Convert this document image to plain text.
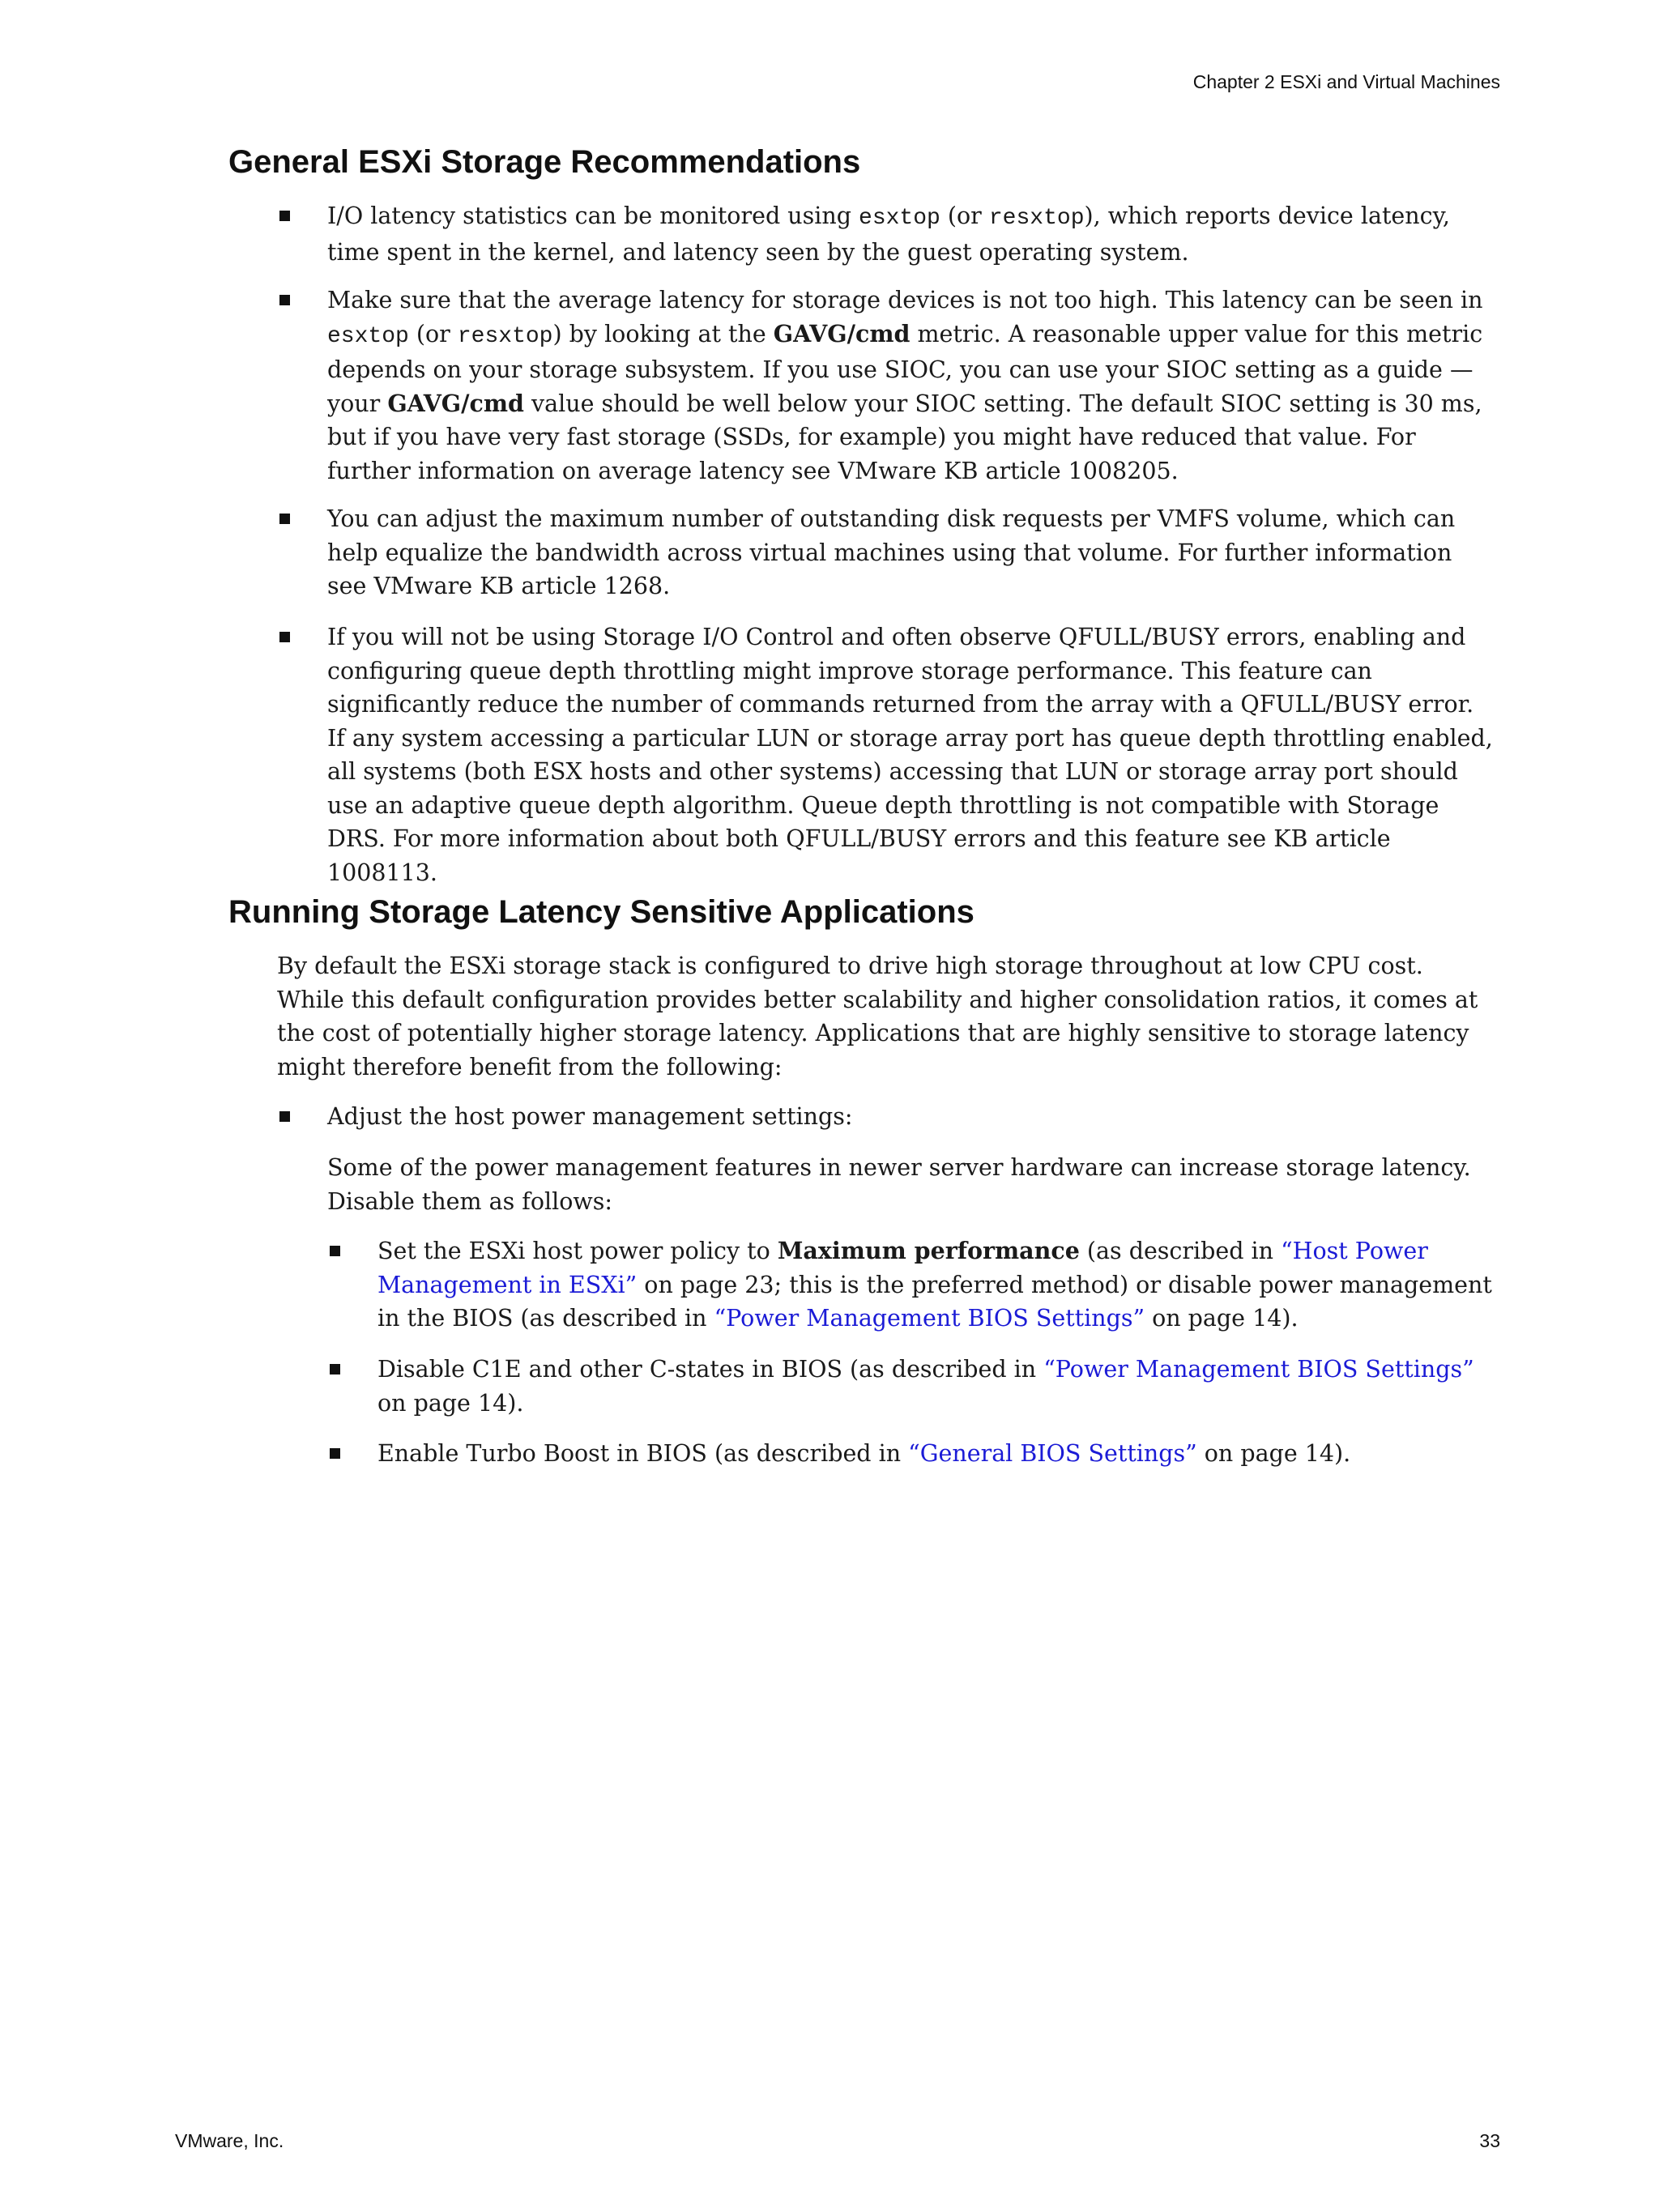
Chapter 2 ESXi and Virtual Machines
General ESXi Storage Recommendations
I/O latency statistics can be monitored using esxtop (or resxtop), which reports device latency, time spent in the kernel, and latency seen by the guest operating system.
Make sure that the average latency for storage devices is not too high. This latency can be seen in esxtop (or resxtop) by looking at the GAVG/cmd metric. A reasonable upper value for this metric depends on your storage subsystem. If you use SIOC, you can use your SIOC setting as a guide — your GAVG/cmd value should be well below your SIOC setting. The default SIOC setting is 30 ms, but if you have very fast storage (SSDs, for example) you might have reduced that value. For further information on average latency see VMware KB article 1008205.
You can adjust the maximum number of outstanding disk requests per VMFS volume, which can help equalize the bandwidth across virtual machines using that volume. For further information see VMware KB article 1268.
If you will not be using Storage I/O Control and often observe QFULL/BUSY errors, enabling and configuring queue depth throttling might improve storage performance. This feature can significantly reduce the number of commands returned from the array with a QFULL/BUSY error. If any system accessing a particular LUN or storage array port has queue depth throttling enabled, all systems (both ESX hosts and other systems) accessing that LUN or storage array port should use an adaptive queue depth algorithm. Queue depth throttling is not compatible with Storage DRS. For more information about both QFULL/BUSY errors and this feature see KB article 1008113.
Running Storage Latency Sensitive Applications
By default the ESXi storage stack is configured to drive high storage throughout at low CPU cost. While this default configuration provides better scalability and higher consolidation ratios, it comes at the cost of potentially higher storage latency. Applications that are highly sensitive to storage latency might therefore benefit from the following:
Adjust the host power management settings:
Some of the power management features in newer server hardware can increase storage latency. Disable them as follows:
Set the ESXi host power policy to Maximum performance (as described in “Host Power Management in ESXi” on page 23; this is the preferred method) or disable power management in the BIOS (as described in “Power Management BIOS Settings” on page 14).
Disable C1E and other C-states in BIOS (as described in “Power Management BIOS Settings” on page 14).
Enable Turbo Boost in BIOS (as described in “General BIOS Settings” on page 14).
VMware, Inc.	33
